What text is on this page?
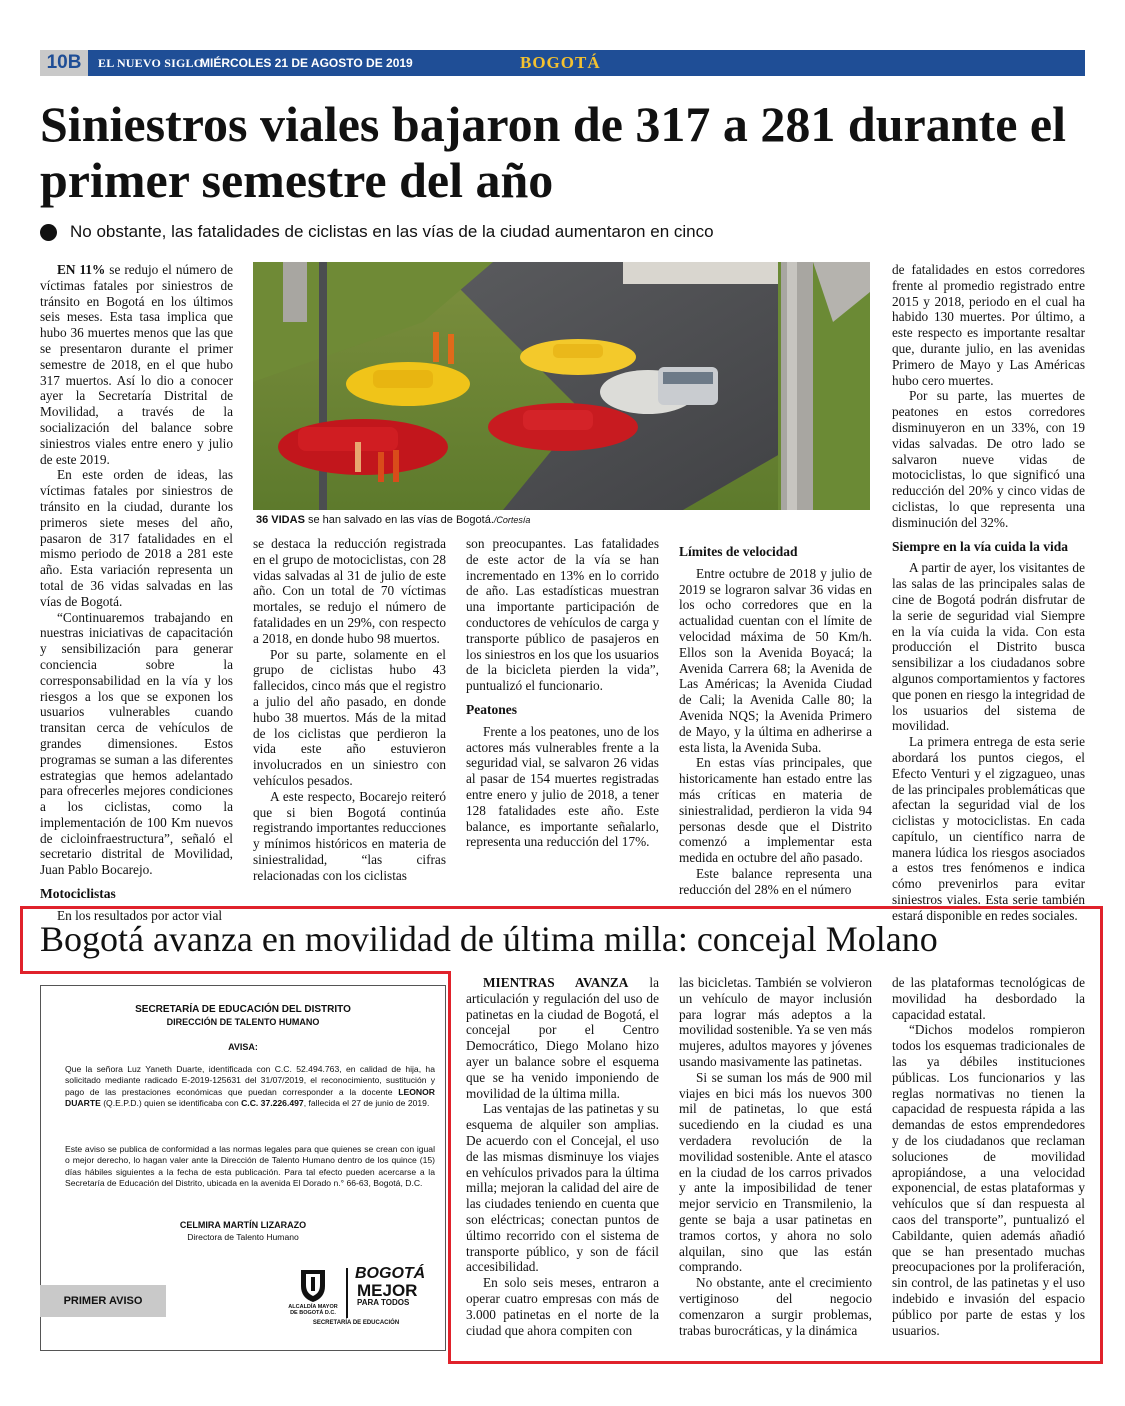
10B	EL NUEVO SIGLO
MIÉRCOLES 21 DE AGOSTO DE 2019	BOGOTÁ
Siniestros viales bajaron de 317 a 281 durante el primer semestre del año
No obstante, las fatalidades de ciclistas en las vías de la ciudad aumentaron en cinco

EN 11% se redujo el número de víctimas fatales por siniestros de tránsito en Bogotá en los últimos seis meses. Esta tasa implica que hubo 36 muertes menos que las que se presentaron durante el primer semestre de 2018, en el que hubo 317 muertos. Así lo dio a conocer ayer la Secretaría Distrital de Movilidad, a través de la socialización del balance sobre siniestros viales entre enero y julio de este 2019.

En este orden de ideas, las víctimas fatales por siniestros de tránsito en la ciudad, durante los primeros siete meses del año, pasaron de 317 fatalidades en el mismo periodo de 2018 a 281 este año. Esta variación representa un total de 36 vidas salvadas en las vías de Bogotá.

“Continuaremos trabajando en nuestras iniciativas de capacitación y sensibilización para generar conciencia sobre la corresponsabilidad en la vía y los riesgos a los que se exponen los usuarios vulnerables cuando transitan cerca de vehículos de grandes dimensiones. Estos programas se suman a las diferentes estrategias que hemos adelantado para ofrecerles mejores condiciones a los ciclistas, como la implementación de 100 Km nuevos de cicloinfraestructura”, señaló el secretario distrital de Movilidad, Juan Pablo Bocarejo.

Motociclistas

En los resultados por actor vial

se destaca la reducción registrada en el grupo de motociclistas, con 28 vidas salvadas al 31 de julio de este año. Con un total de 70 víctimas mortales, se redujo el número de fatalidades en un 29%, con respecto a 2018, en donde hubo 98 muertos.

Por su parte, solamente en el grupo de ciclistas hubo 43 fallecidos, cinco más que el registro a julio del año pasado, en donde hubo 38 muertos. Más de la mitad de los ciclistas que perdieron la vida este año estuvieron involucrados en un siniestro con vehículos pesados.

A este respecto, Bocarejo reiteró que si bien Bogotá continúa registrando importantes reducciones y mínimos históricos en materia de siniestralidad, “las cifras relacionadas con los ciclistas

son preocupantes. Las fatalidades de este actor de la vía se han incrementado en 13% en lo corrido de año. Las estadísticas muestran una importante participación de conductores de vehículos de carga y transporte público de pasajeros en los siniestros en los que los usuarios de la bicicleta pierden la vida”, puntualizó el funcionario.

Peatones

Frente a los peatones, uno de los actores más vulnerables frente a la seguridad vial, se salvaron 26 vidas al pasar de 154 muertes registradas entre enero y julio de 2018, a tener 128 fatalidades este año. Este balance, es importante señalarlo, representa una reducción del 17%.

Límites de velocidad

Entre octubre de 2018 y julio de 2019 se lograron salvar 36 vidas en los ocho corredores que en la actualidad cuentan con el límite de velocidad máxima de 50 Km/h. Ellos son la Avenida Boyacá; la Avenida Carrera 68; la Avenida de Las Américas; la Avenida Ciudad de Cali; la Avenida Calle 80; la Avenida NQS; la Avenida Primero de Mayo, y la última en adherirse a esta lista, la Avenida Suba.

En estas vías principales, que historicamente han estado entre las más críticas en materia de siniestralidad, perdieron la vida 94 personas desde que el Distrito comenzó a implementar esta medida en octubre del año pasado.

Este balance representa una reducción del 28% en el número

de fatalidades en estos corredores frente al promedio registrado entre 2015 y 2018, periodo en el cual ha habido 130 muertes. Por último, a este respecto es importante resaltar que, durante julio, en las avenidas Primero de Mayo y Las Américas hubo cero muertes.

Por su parte, las muertes de peatones en estos corredores disminuyeron en un 33%, con 19 vidas salvadas. De otro lado se salvaron nueve vidas de motociclistas, lo que significó una reducción del 20% y cinco vidas de ciclistas, lo que representa una disminución del 32%.

Siempre en la vía cuida la vida

A partir de ayer, los visitantes de las salas de las principales salas de cine de Bogotá podrán disfrutar de la serie de seguridad vial Siempre en la vía cuida la vida. Con esta producción el Distrito busca sensibilizar a los ciudadanos sobre algunos comportamientos y factores que ponen en riesgo la integridad de los usuarios del sistema de movilidad.

La primera entrega de esta serie abordará los puntos ciegos, el Efecto Venturi y el zigzagueo, unas de las principales problemáticas que afectan la seguridad vial de los ciclistas y motociclistas. En cada capítulo, un científico narra de manera lúdica los riesgos asociados a estos tres fenómenos e indica cómo prevenirlos para evitar siniestros viales. Esta serie también estará disponible en redes sociales.

36 VIDAS se han salvado en las vías de Bogotá./Cortesía
Bogotá avanza en movilidad de última milla: concejal Molano

MIENTRAS AVANZA la articulación y regulación del uso de patinetas en la ciudad de Bogotá, el concejal por el Centro Democrático, Diego Molano hizo ayer un balance sobre el esquema que se ha venido imponiendo de movilidad de la última milla.

Las ventajas de las patinetas y su esquema de alquiler son amplias. De acuerdo con el Concejal, el uso de las mismas disminuye los viajes en vehículos privados para la última milla; mejoran la calidad del aire de las ciudades teniendo en cuenta que son eléctricas; conectan puntos de último recorrido con el sistema de transporte público, y son de fácil accesibilidad.

En solo seis meses, entraron a operar cuatro empresas con más de 3.000 patinetas en el norte de la ciudad que ahora compiten con

las bicicletas. También se volvieron un vehículo de mayor inclusión para lograr más adeptos a la movilidad sostenible. Ya se ven más mujeres, adultos mayores y jóvenes usando masivamente las patinetas.

Si se suman los más de 900 mil viajes en bici más los nuevos 300 mil de patinetas, lo que está sucediendo en la ciudad es una verdadera revolución de la movilidad sostenible. Ante el atasco en la ciudad de los carros privados y ante la imposibilidad de tener mejor servicio en Transmilenio, la gente se baja a usar patinetas en tramos cortos, y ahora no solo alquilan, sino que las están comprando.

No obstante, ante el crecimiento vertiginoso del negocio comenzaron a surgir problemas, trabas burocráticas, y la dinámica

de las plataformas tecnológicas de movilidad ha desbordado la capacidad estatal.

“Dichos modelos rompieron todos los esquemas tradicionales de las ya débiles instituciones públicas. Los funcionarios y las reglas normativas no tienen la capacidad de respuesta rápida a las demandas de estos emprendedores y de los ciudadanos que reclaman soluciones de movilidad apropiándose, a una velocidad exponencial, de estas plataformas y vehículos que sí dan respuesta al caos del transporte”, puntualizó el Cabildante, quien además añadió que se han presentado muchas preocupaciones por la proliferación, sin control, de las patinetas y el uso indebido e invasión del espacio público por parte de estas y los usuarios.

SECRETARÍA DE EDUCACIÓN DEL DISTRITO
DIRECCIÓN DE TALENTO HUMANO
AVISA:
Que la señora Luz Yaneth Duarte, identificada con C.C. 52.494.763, en calidad de hija, ha solicitado mediante radicado E-2019-125631 del 31/07/2019, el reconocimiento, sustitución y pago de las prestaciones económicas que puedan corresponder a la docente LEONOR DUARTE (Q.E.P.D.) quien se identificaba con C.C. 37.226.497, fallecida el 27 de junio de 2019.
Este aviso se publica de conformidad a las normas legales para que quienes se crean con igual o mejor derecho, lo hagan valer ante la Dirección de Talento Humano dentro de los quince (15) días hábiles siguientes a la fecha de esta publicación. Para tal efecto pueden acercarse a la Secretaría de Educación del Distrito, ubicada en la avenida El Dorado n.° 66-63, Bogotá, D.C.
CELMIRA MARTÍN LIZARAZO
Directora de Talento Humano
ALCALDÍA MAYOR
DE BOGOTÁ D.C.
BOGOTÁ
MEJOR
PARA TODOS
SECRETARÍA DE EDUCACIÓN
PRIMER AVISO
